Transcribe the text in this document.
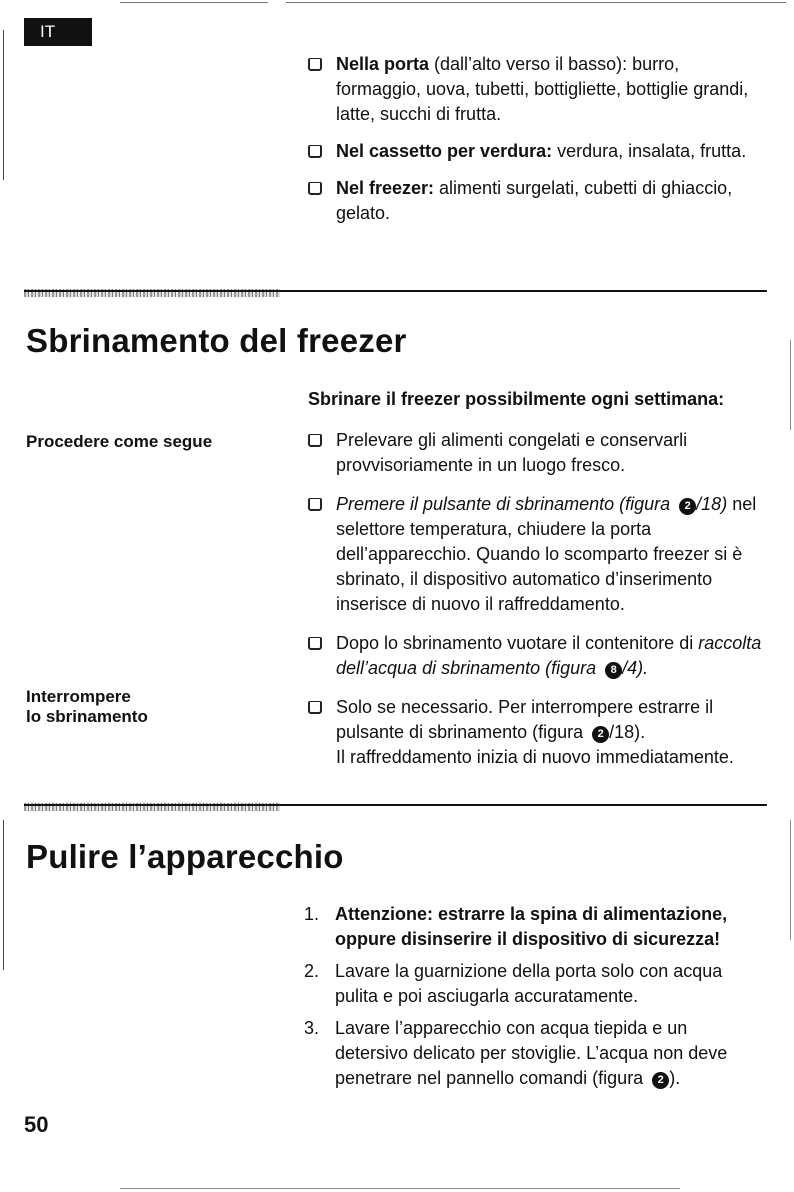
IT
Nella porta (dall’alto verso il basso): burro, formaggio, uova, tubetti, bottigliette, bottiglie grandi, latte, succhi di frutta.
Nel cassetto per verdura: verdura, insalata, frutta.
Nel freezer: alimenti surgelati, cubetti di ghiaccio, gelato.
Sbrinamento del freezer
Sbrinare il freezer possibilmente ogni settimana:
Procedere come segue	Prelevare gli alimenti congelati e conservarli provvisoriamente in un luogo fresco.
Premere il pulsante di sbrinamento (figura 2 /18) nel selettore temperatura, chiudere la porta dell’apparecchio. Quando lo scomparto freezer si è sbrinato, il dispositivo automatico d’inserimento inserisce di nuovo il raffreddamento.
Dopo lo sbrinamento vuotare il contenitore di raccolta dell’acqua di sbrinamento (figura 8 /4).
Solo se necessario. Per interrompere estrarre il pulsante di sbrinamento (figura 2 /18).
Il raffreddamento inizia di nuovo immediatamente.
Interrompere
lo sbrinamento
Pulire l’apparecchio
1. Attenzione: estrarre la spina di alimentazione, oppure disinserire il dispositivo di sicurezza!
2. Lavare la guarnizione della porta solo con acqua pulita e poi asciugarla accuratamente.
3. Lavare l’apparecchio con acqua tiepida e un detersivo delicato per stoviglie. L’acqua non deve penetrare nel pannello comandi (figura 2 ).
50
